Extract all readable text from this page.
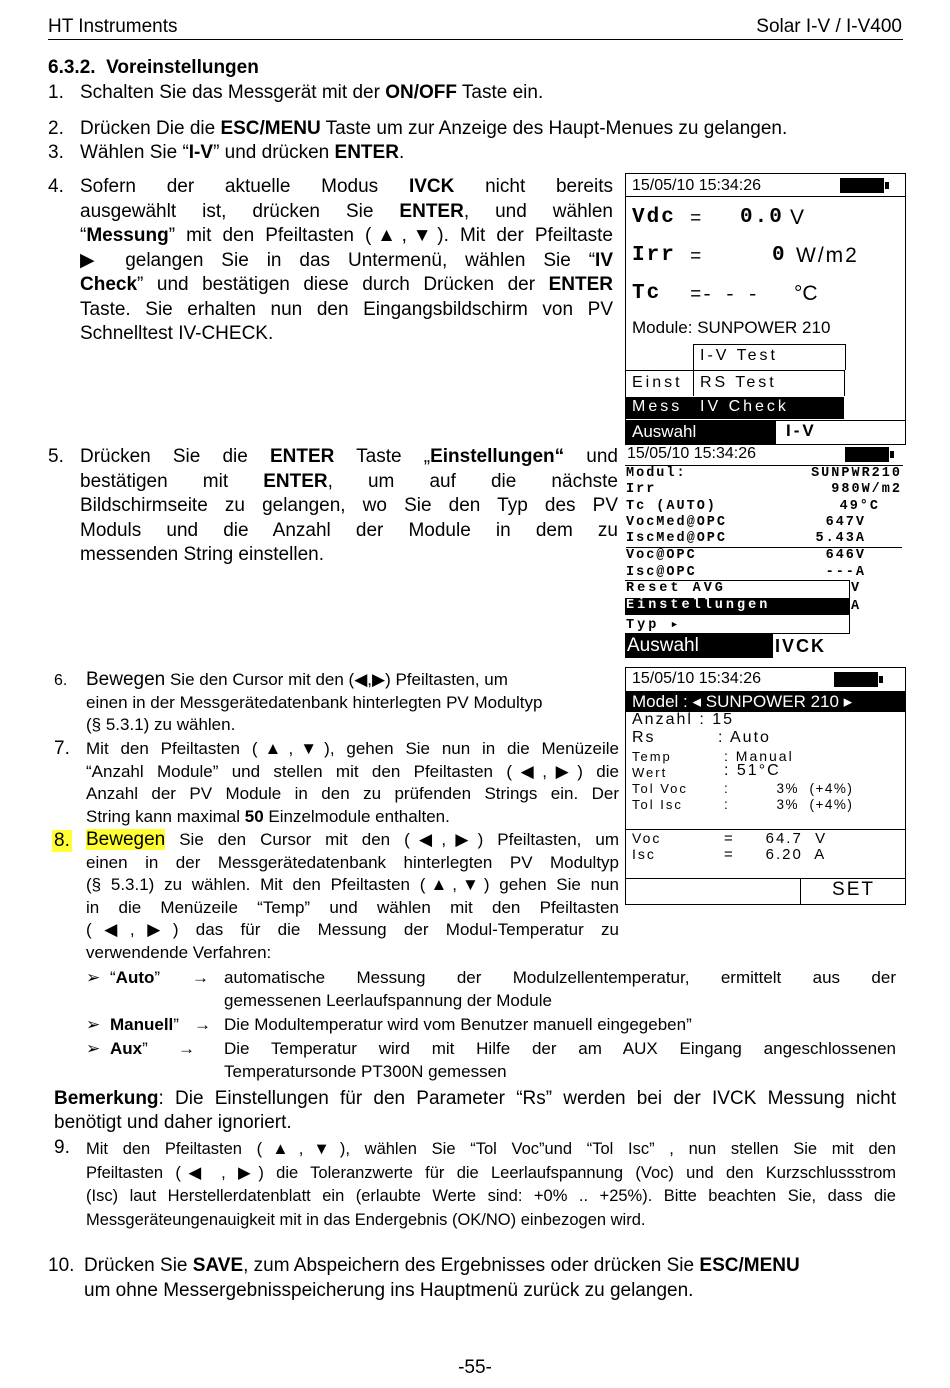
HT Instruments	Solar I-V / I-V400
6.3.2. Voreinstellungen
1. Schalten Sie das Messgerät mit der ON/OFF Taste ein.
2. Drücken Die die ESC/MENU Taste um zur Anzeige des Haupt-Menues zu gelangen.
3. Wählen Sie “I-V” und drücken ENTER.
4. Sofern der aktuelle Modus IVCK nicht bereits
ausgewählt ist, drücken Sie ENTER, und wählen
“Messung” mit den Pfeiltasten (▲,▼). Mit der Pfeiltaste
▶ gelangen Sie in das Untermenü, wählen Sie “IV
Check” und bestätigen diese durch Drücken der ENTER
Taste. Sie erhalten nun den Eingangsbildschirm von PV
Schnelltest IV-CHECK.
15/05/10 15:34:26
Vdc = 0.0 V
Irr =	0 W/m2
Tc =- - - °C
Module: SUNPOWER 210
I-V Test
Einst RS Test
Mess IV Check
Auswahl	I-V
5. Drücken Sie die ENTER Taste „Einstellungen“ und
bestätigen mit ENTER, um auf die nächste
Bildschirmseite zu gelangen, wo Sie den Typ des PV
Moduls und die Anzahl der Module in dem zu
messenden String einstellen.
15/05/10 15:34:26
Modul:	SUNPWR210
Irr	980W/m2
Tc (AUTO)	49°C
VocMed@OPC	647V
IscMed@OPC	5.43A
Voc@OPC	646V
Isc@OPC	---A
Reset AVG	V
Einstellungen	A
Typ ▸
Auswahl	IVCK
6. Bewegen Sie den Cursor mit den (◀,▶) Pfeiltasten, um
einen in der Messgerätedatenbank hinterlegten PV Modultyp
(§ 5.3.1) zu wählen.
7. Mit den Pfeiltasten (▲,▼), gehen Sie nun in die Menüzeile
“Anzahl Module” und stellen mit den Pfeiltasten (◀,▶) die
Anzahl der PV Module in den zu prüfenden Strings ein. Der
String kann maximal 50 Einzelmodule enthalten.
8. Bewegen Sie den Cursor mit den (◀,▶) Pfeiltasten, um
einen in der Messgerätedatenbank hinterlegten PV Modultyp
(§ 5.3.1) zu wählen. Mit den Pfeiltasten (▲,▼) gehen Sie nun
in die Menüzeile “Temp” und wählen mit den Pfeiltasten
(◀,▶) das für die Messung der Modul-Temperatur zu
verwendende Verfahren:
15/05/10 15:34:26
Model : ◂ SUNPOWER 210 ▸
Anzahl : 15
Rs	: Auto
Temp	: Manual
Wert	: 51°C
Tol Voc	:         3%  (+4%)
Tol Isc	:         3%  (+4%)
Voc	=     64.7  V
Isc	=     6.20  A
SET
➢ “Auto” → automatische Messung der Modulzellentemperatur, ermittelt aus der
gemessenen Leerlaufspannung der Module
➢ Manuell” → Die Modultemperatur wird vom Benutzer manuell eingegeben”
➢ Aux” → Die Temperatur wird mit Hilfe der am AUX Eingang angeschlossenen
Temperatursonde PT300N gemessen
Bemerkung: Die Einstellungen für den Parameter “Rs” werden bei der IVCK Messung nicht
benötigt und daher ignoriert.
9. Mit den Pfeiltasten (▲,▼), wählen Sie “Tol Voc”und “Tol Isc” , nun stellen Sie mit den
Pfeiltasten (◀ , ▶) die Toleranzwerte für die Leerlaufspannung (Voc) und den Kurzschlussstrom
(Isc) laut Herstellerdatenblatt ein (erlaubte Werte sind: +0% .. +25%). Bitte beachten Sie, dass die
Messgeräteungenauigkeit mit in das Endergebnis (OK/NO) einbezogen wird.
10. Drücken Sie SAVE, zum Abspeichern des Ergebnisses oder drücken Sie ESC/MENU
um ohne Messergebnisspeicherung ins Hauptmenü zurück zu gelangen.
-55-
